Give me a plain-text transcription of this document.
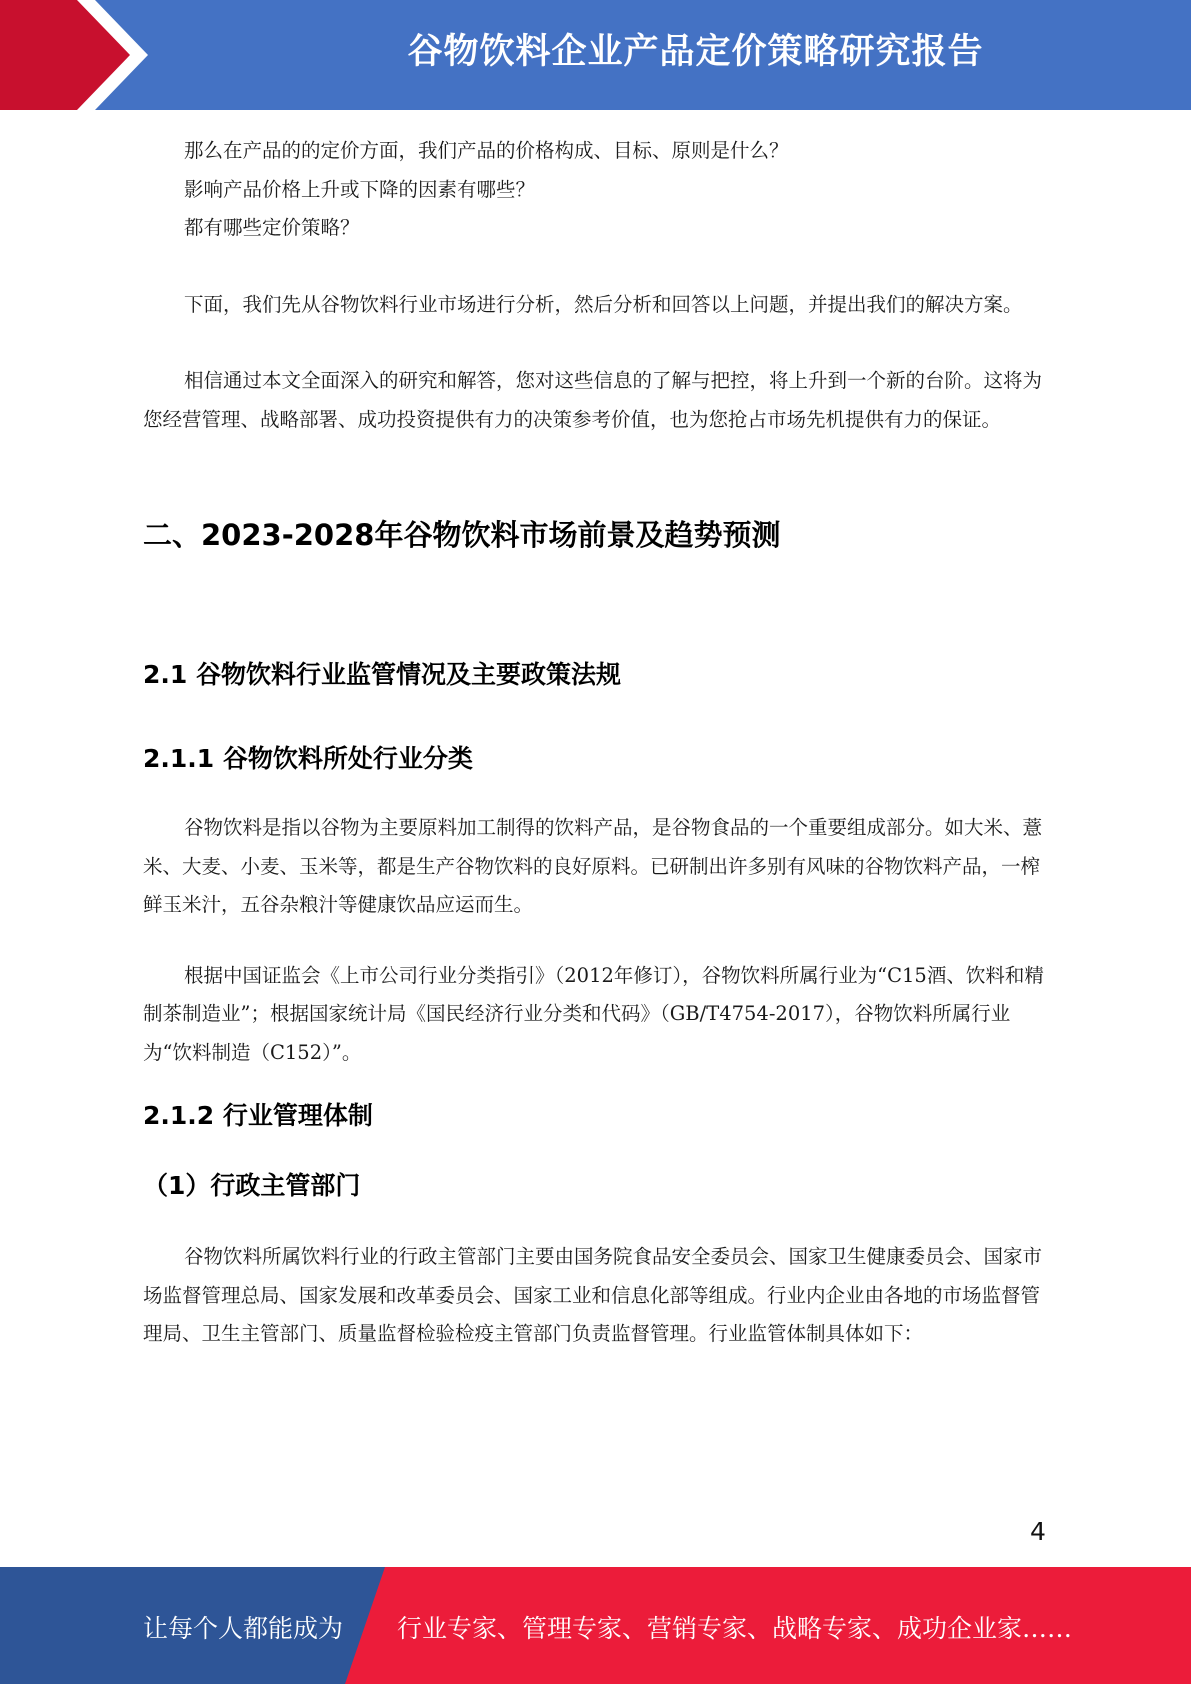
谷物饮料企业产品定价策略研究报告

那么在产品的的定价方面，我们产品的价格构成、目标、原则是什么？

影响产品价格上升或下降的因素有哪些？

都有哪些定价策略？

下面，我们先从谷物饮料行业市场进行分析，然后分析和回答以上问题，并提出我们的解决方案。

相信通过本文全面深入的研究和解答，您对这些信息的了解与把控，将上升到一个新的台阶。这将为您经营管理、战略部署、成功投资提供有力的决策参考价值，也为您抢占市场先机提供有力的保证。

二、2023-2028年谷物饮料市场前景及趋势预测
2.1 谷物饮料行业监管情况及主要政策法规
2.1.1 谷物饮料所处行业分类

谷物饮料是指以谷物为主要原料加工制得的饮料产品，是谷物食品的一个重要组成部分。如大米、薏米、大麦、小麦、玉米等，都是生产谷物饮料的良好原料。已研制出许多别有风味的谷物饮料产品，一榨鲜玉米汁，五谷杂粮汁等健康饮品应运而生。

根据中国证监会《上市公司行业分类指引》（2012年修订），谷物饮料所属行业为“C15酒、饮料和精制茶制造业”；根据国家统计局《国民经济行业分类和代码》（GB/T4754-2017），谷物饮料所属行业为“饮料制造（C152）”。

2.1.2 行业管理体制
（1）行政主管部门

谷物饮料所属饮料行业的行政主管部门主要由国务院食品安全委员会、国家卫生健康委员会、国家市场监督管理总局、国家发展和改革委员会、国家工业和信息化部等组成。行业内企业由各地的市场监督管理局、卫生主管部门、质量监督检验检疫主管部门负责监督管理。行业监管体制具体如下：

4
让每个人都能成为 行业专家、管理专家、营销专家、战略专家、成功企业家……
